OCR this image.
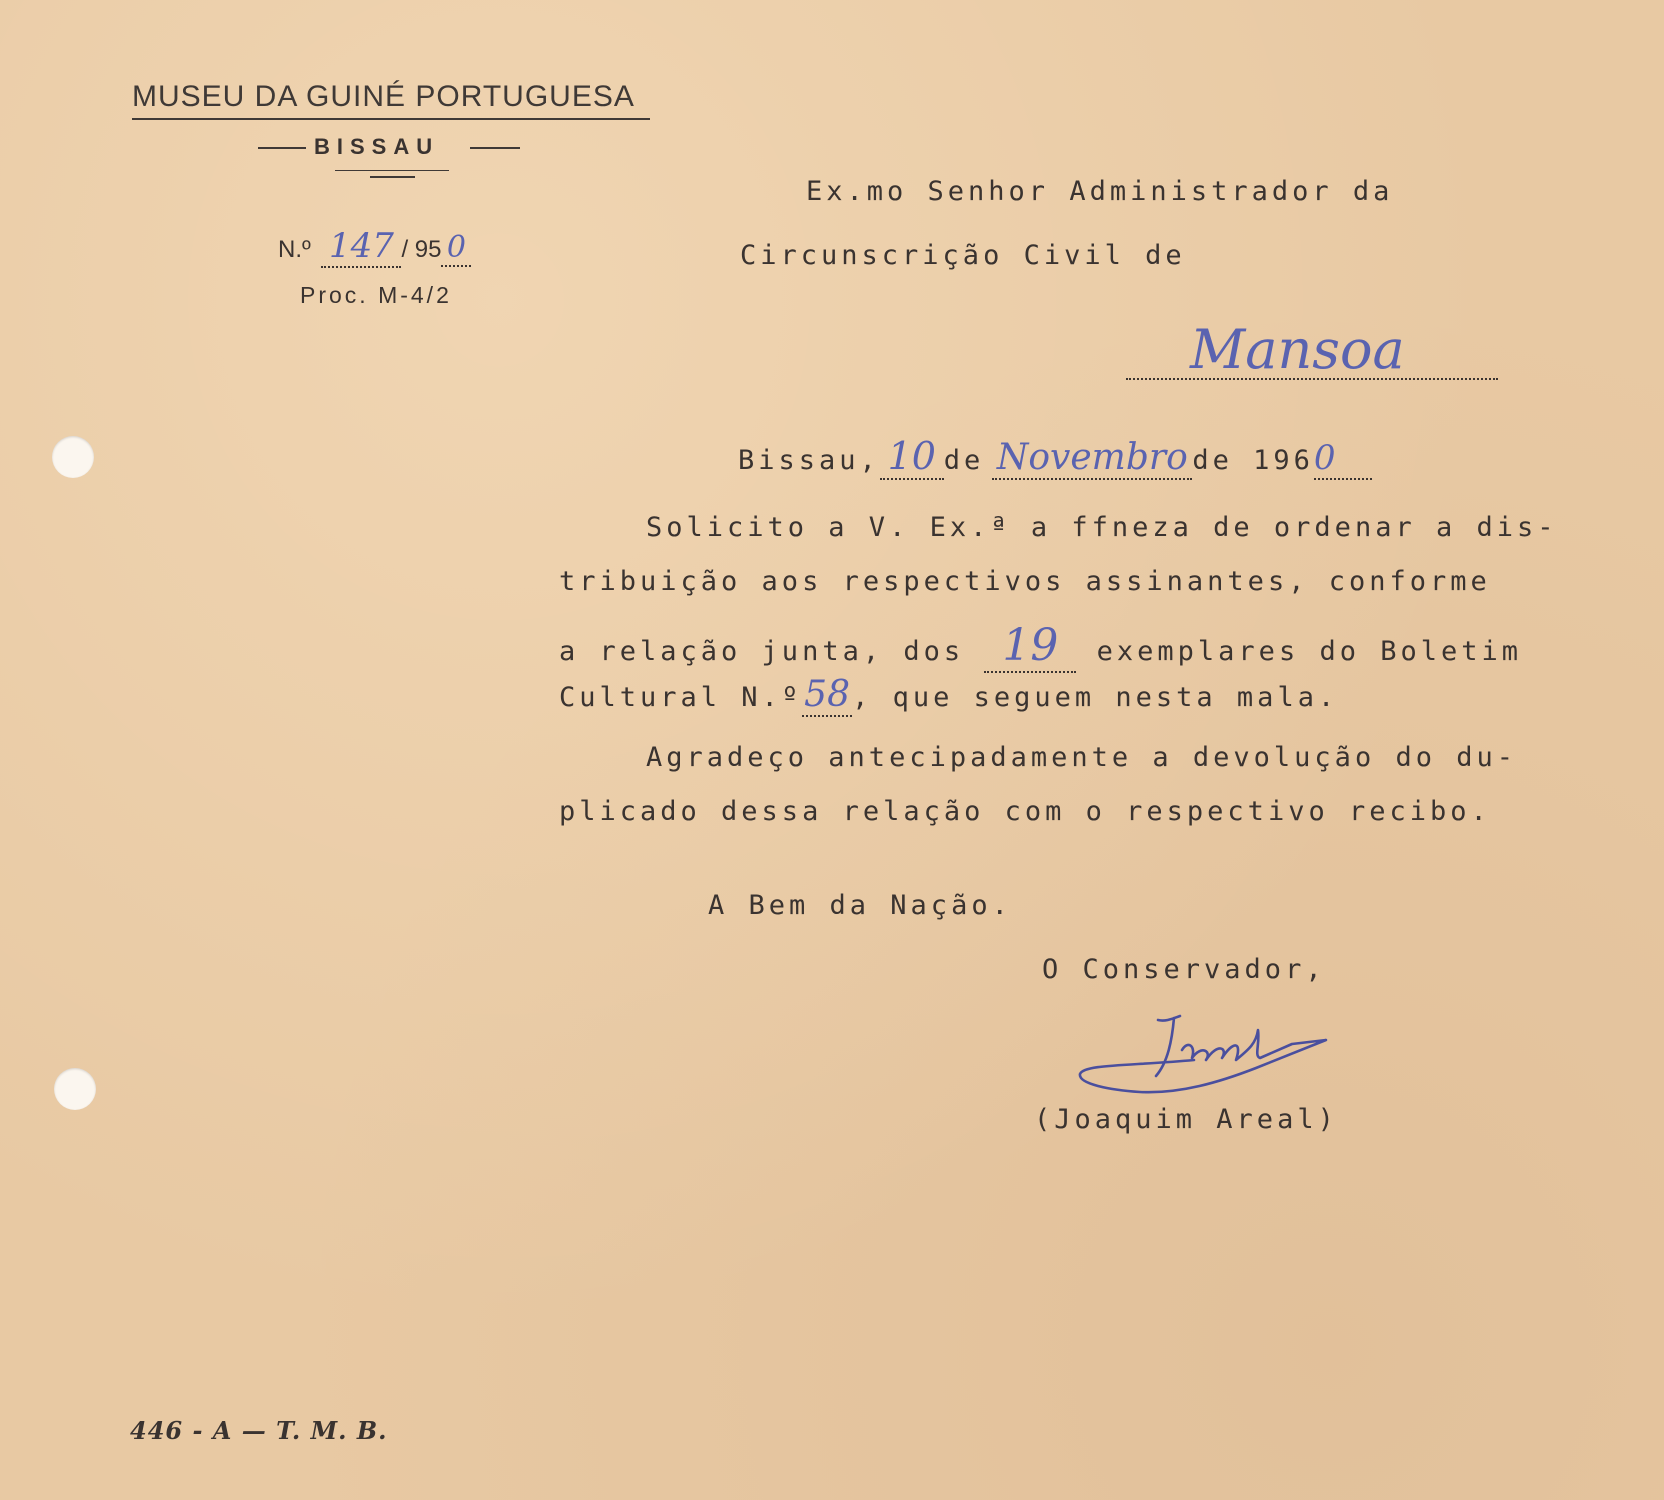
MUSEU DA GUINÉ PORTUGUESA
BISSAU
N.º 147 / 95 0
Proc. M-4/2
Ex.mo Senhor Administrador da
Circunscrição Civil de
Mansoa
Bissau, 10 de Novembro de 1960
Solicito a V. Ex.ª a ffneza de ordenar a dis-
tribuição aos respectivos assinantes, conforme
a relação junta, dos 19 exemplares do Boletim
Cultural N.º58, que seguem nesta mala.
Agradeço antecipadamente a devolução do du-
plicado dessa relação com o respectivo recibo.
A Bem da Nação.
O Conservador,
(Joaquim Areal)
446 - A — T. M. B.
